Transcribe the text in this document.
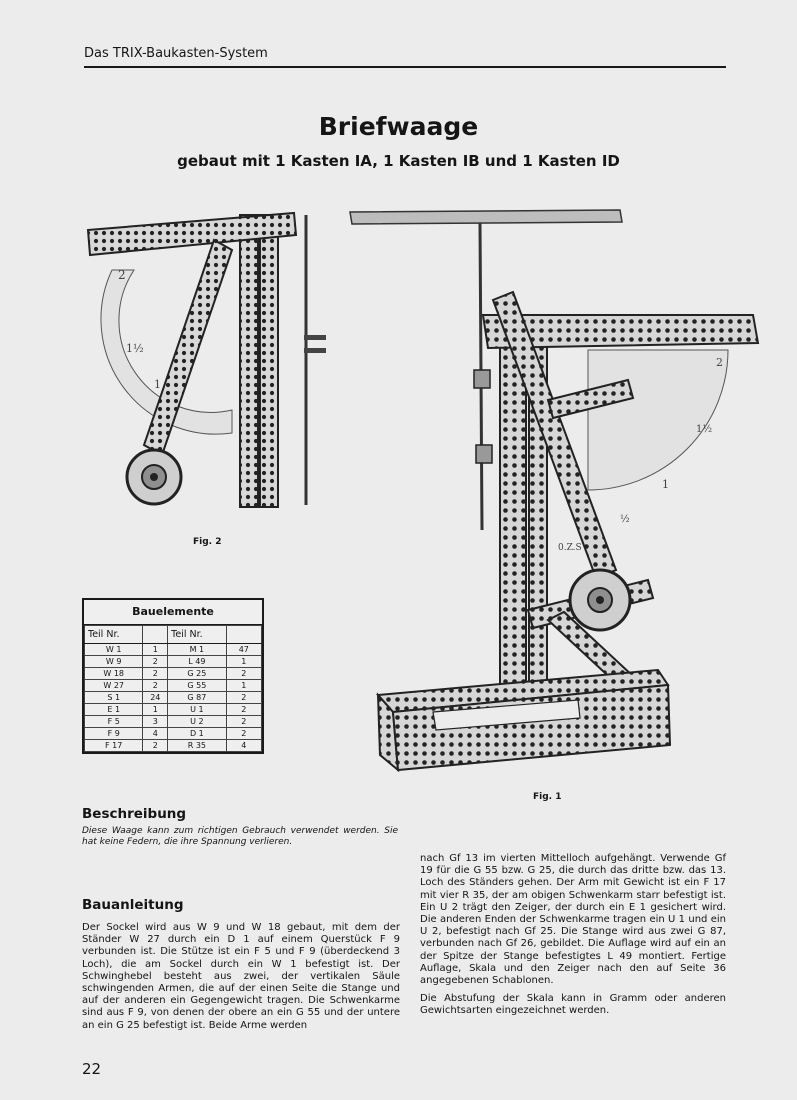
Das TRIX-Baukasten-System
Briefwaage
gebaut mit 1 Kasten IA, 1 Kasten IB und 1 Kasten ID
2
1½
1
Fig. 2
2
1½
1
½
0.Z.S
Fig. 1
Bauelemente
Teil Nr.		Teil Nr.	
W 1	1	M 1	47
W 9	2	L 49	1
W 18	2	G 25	2
W 27	2	G 55	1
S 1	24	G 87	2
E 1	1	U 1	2
F 5	3	U 2	2
F 9	4	D 1	2
F 17	2	R 35	4
Beschreibung
Diese Waage kann zum richtigen Gebrauch verwendet werden. Sie hat keine Federn, die ihre Spannung verlieren.
Bauanleitung
Der Sockel wird aus W 9 und W 18 gebaut, mit dem der Ständer W 27 durch ein D 1 auf einem Querstück F 9 verbunden ist. Die Stütze ist ein F 5 und F 9 (überdeckend 3 Loch), die am Sockel durch ein W 1 befestigt ist. Der Schwinghebel besteht aus zwei, der vertikalen Säule schwingenden Armen, die auf der einen Seite die Stange und auf der anderen ein Gegengewicht tragen. Die Schwenkarme sind aus F 9, von denen der obere an ein G 55 und der untere an ein G 25 befestigt ist. Beide Arme werden

nach Gf 13 im vierten Mittelloch aufgehängt. Verwende Gf 19 für die G 55 bzw. G 25, die durch das dritte bzw. das 13. Loch des Ständers gehen. Der Arm mit Gewicht ist ein F 17 mit vier R 35, der am obigen Schwenkarm starr befestigt ist. Ein U 2 trägt den Zeiger, der durch ein E 1 gesichert wird. Die anderen Enden der Schwenkarme tragen ein U 1 und ein U 2, befestigt nach Gf 25. Die Stange wird aus zwei G 87, verbunden nach Gf 26, gebildet. Die Auflage wird auf ein an der Spitze der Stange befestigtes L 49 montiert. Fertige Auflage, Skala und den Zeiger nach den auf Seite 36 angegebenen Schablonen.

Die Abstufung der Skala kann in Gramm oder anderen Gewichtsarten eingezeichnet werden.

22
